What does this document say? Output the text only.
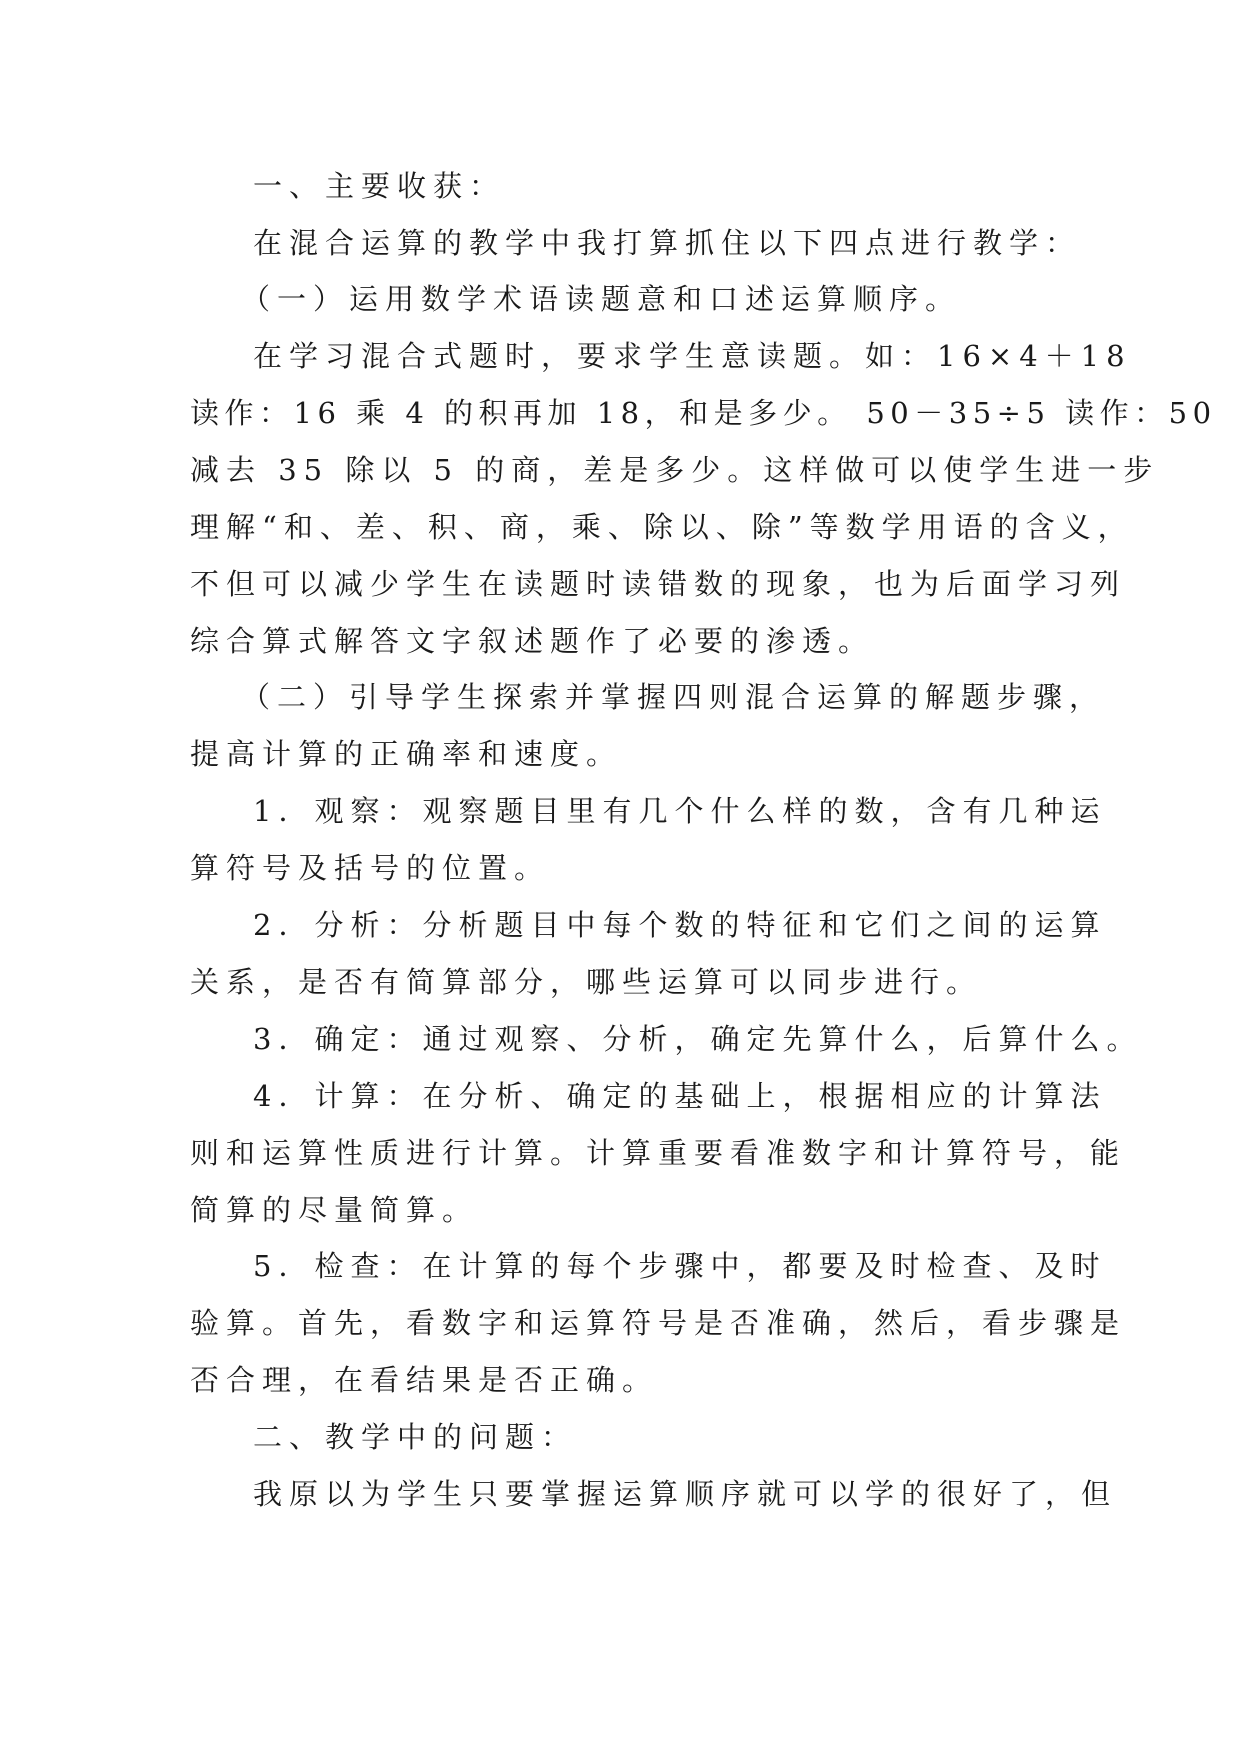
一、主要收获：
在混合运算的教学中我打算抓住以下四点进行教学：
（一）运用数学术语读题意和口述运算顺序。
在学习混合式题时，要求学生意读题。如：16×4＋18
读作：16 乘 4 的积再加 18，和是多少。 50－35÷5 读作：50
减去 35 除以 5 的商，差是多少。这样做可以使学生进一步
理解“和、差、积、商，乘、除以、除”等数学用语的含义，
不但可以减少学生在读题时读错数的现象，也为后面学习列
综合算式解答文字叙述题作了必要的渗透。
（二）引导学生探索并掌握四则混合运算的解题步骤，
提高计算的正确率和速度。
1．观察：观察题目里有几个什么样的数，含有几种运
算符号及括号的位置。
2．分析：分析题目中每个数的特征和它们之间的运算
关系，是否有简算部分，哪些运算可以同步进行。
3．确定：通过观察、分析，确定先算什么，后算什么。
4．计算：在分析、确定的基础上，根据相应的计算法
则和运算性质进行计算。计算重要看准数字和计算符号，能
简算的尽量简算。
5．检查：在计算的每个步骤中，都要及时检查、及时
验算。首先，看数字和运算符号是否准确，然后，看步骤是
否合理，在看结果是否正确。
二、教学中的问题：
我原以为学生只要掌握运算顺序就可以学的很好了，但
